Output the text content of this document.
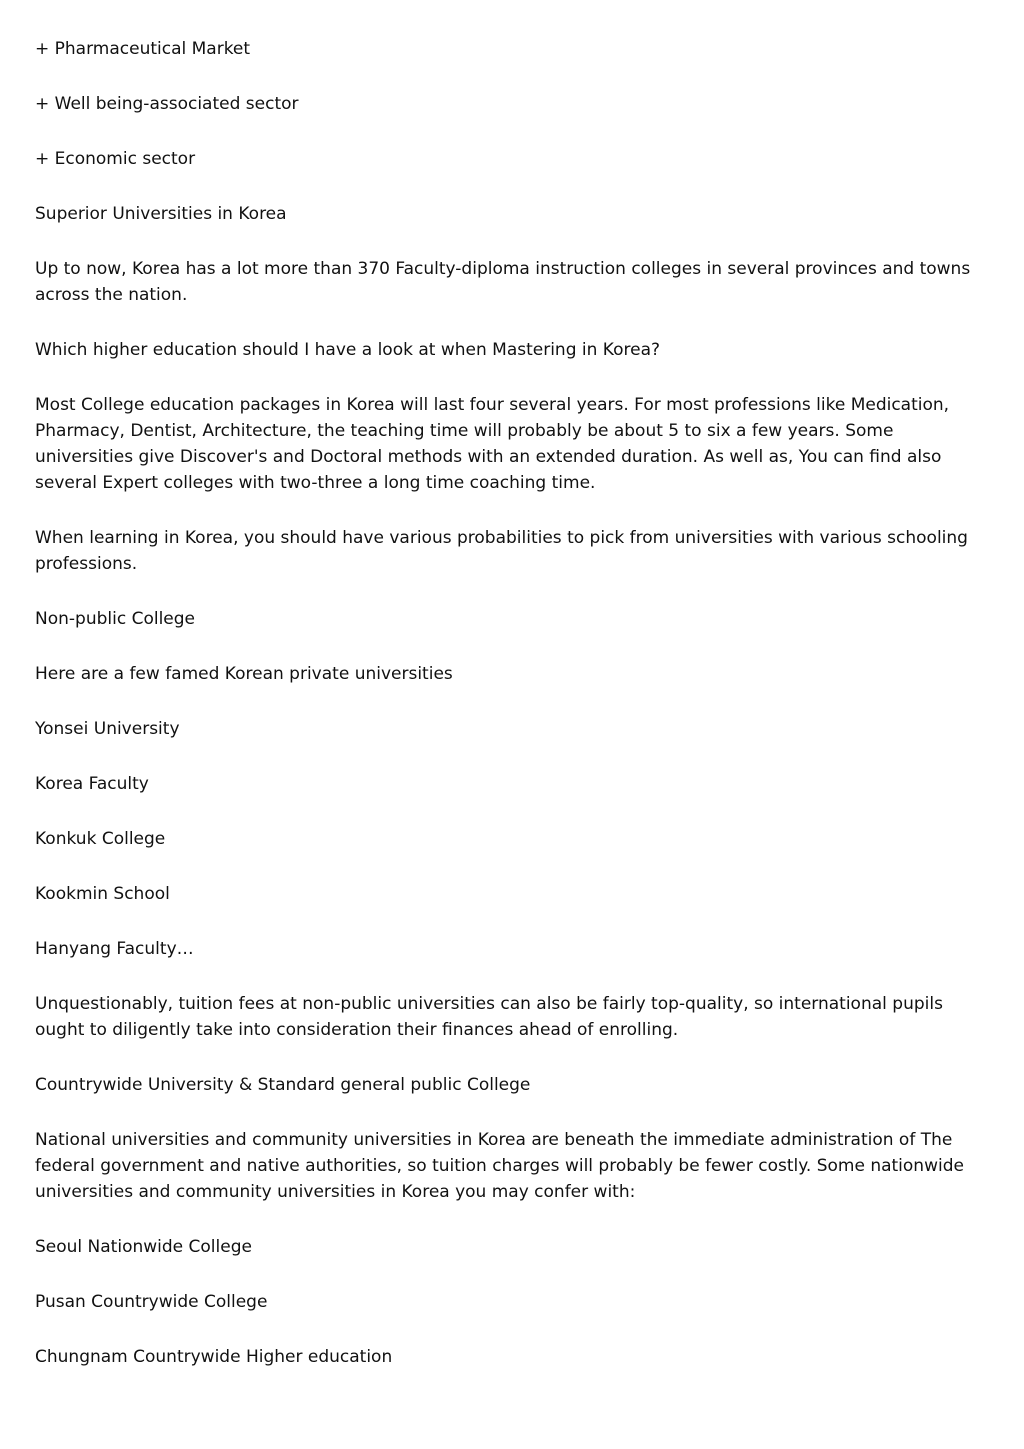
+ Pharmaceutical Market

+ Well being-associated sector

+ Economic sector

Superior Universities in Korea

Up to now, Korea has a lot more than 370 Faculty-diploma instruction colleges in several provinces and towns across the nation.

Which higher education should I have a look at when Mastering in Korea?

Most College education packages in Korea will last four several years. For most professions like Medication, Pharmacy, Dentist, Architecture, the teaching time will probably be about 5 to six a few years. Some universities give Discover's and Doctoral methods with an extended duration. As well as, You can find also several Expert colleges with two-three a long time coaching time.

When learning in Korea, you should have various probabilities to pick from universities with various schooling professions.

Non-public College

Here are a few famed Korean private universities

Yonsei University

Korea Faculty

Konkuk College

Kookmin School

Hanyang Faculty…

Unquestionably, tuition fees at non-public universities can also be fairly top-quality, so international pupils ought to diligently take into consideration their finances ahead of enrolling.

Countrywide University & Standard general public College

National universities and community universities in Korea are beneath the immediate administration of The federal government and native authorities, so tuition charges will probably be fewer costly. Some nationwide universities and community universities in Korea you may confer with:

Seoul Nationwide College

Pusan Countrywide College

Chungnam Countrywide Higher education
